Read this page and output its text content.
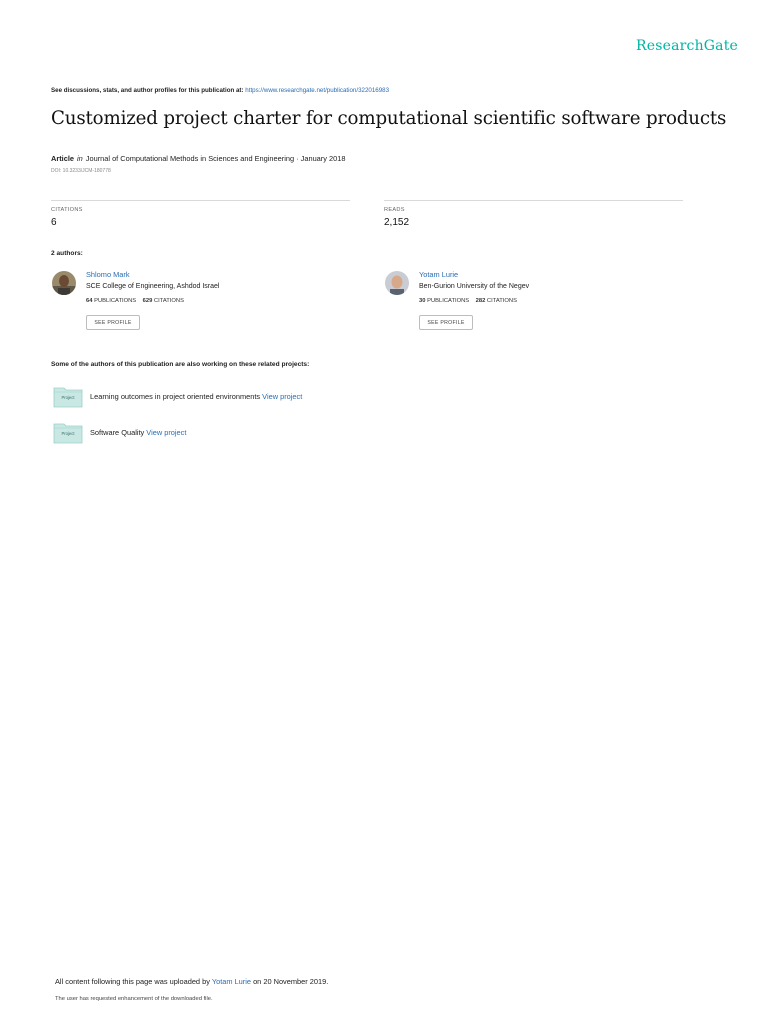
ResearchGate
See discussions, stats, and author profiles for this publication at: https://www.researchgate.net/publication/322016983
Customized project charter for computational scientific software products
Article in Journal of Computational Methods in Sciences and Engineering · January 2018
DOI: 10.3233/JCM-180778
CITATIONS
6
READS
2,152
2 authors:
Shlomo Mark
SCE College of Engineering, Ashdod Israel
64 PUBLICATIONS 629 CITATIONS
SEE PROFILE
Yotam Lurie
Ben-Gurion University of the Negev
30 PUBLICATIONS 282 CITATIONS
SEE PROFILE
Some of the authors of this publication are also working on these related projects:
Project	Learning outcomes in project oriented environments View project
Project	Software Quality View project
All content following this page was uploaded by Yotam Lurie on 20 November 2019.
The user has requested enhancement of the downloaded file.
